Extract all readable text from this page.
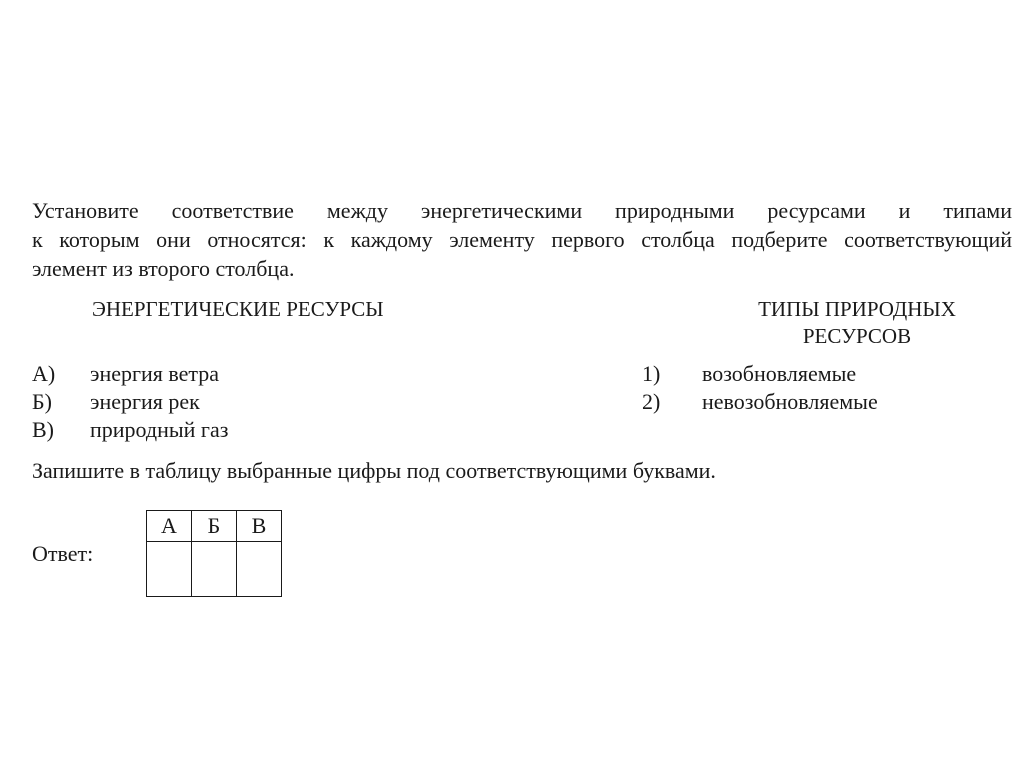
Установите соответствие между энергетическими природными ресурсами и типами
к которым они относятся: к каждому элементу первого столбца подберите соответствующий
элемент из второго столбца.
ЭНЕРГЕТИЧЕСКИЕ РЕСУРСЫ	ТИПЫ ПРИРОДНЫХ
РЕСУРСОВ
А)	энергия ветра
Б)	энергия рек
В)	природный газ
1)	возобновляемые
2)	невозобновляемые
Запишите в таблицу выбранные цифры под соответствующими буквами.
Ответ:
А	Б	В
